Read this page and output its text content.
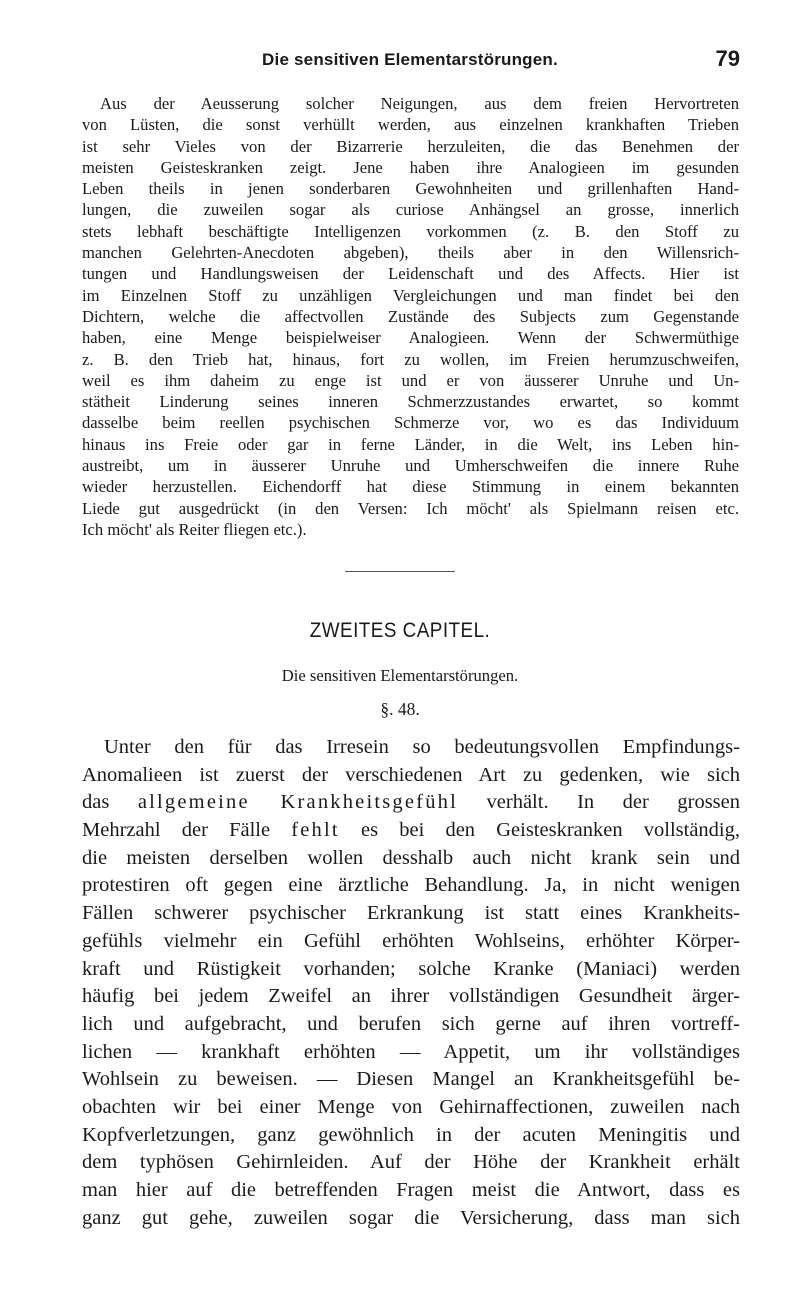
Die sensitiven Elementarstörungen.	79
Aus der Aeusserung solcher Neigungen, aus dem freien Hervortreten
von Lüsten, die sonst verhüllt werden, aus einzelnen krankhaften Trieben
ist sehr Vieles von der Bizarrerie herzuleiten, die das Benehmen der
meisten Geisteskranken zeigt. Jene haben ihre Analogieen im gesunden
Leben theils in jenen sonderbaren Gewohnheiten und grillenhaften Hand-
lungen, die zuweilen sogar als curiose Anhängsel an grosse, innerlich
stets lebhaft beschäftigte Intelligenzen vorkommen (z. B. den Stoff zu
manchen Gelehrten-Anecdoten abgeben), theils aber in den Willensrich-
tungen und Handlungsweisen der Leidenschaft und des Affects. Hier ist
im Einzelnen Stoff zu unzähligen Vergleichungen und man findet bei den
Dichtern, welche die affectvollen Zustände des Subjects zum Gegenstande
haben, eine Menge beispielweiser Analogieen. Wenn der Schwermüthige
z. B. den Trieb hat, hinaus, fort zu wollen, im Freien herumzuschweifen,
weil es ihm daheim zu enge ist und er von äusserer Unruhe und Un-
stätheit Linderung seines inneren Schmerzzustandes erwartet, so kommt
dasselbe beim reellen psychischen Schmerze vor, wo es das Individuum
hinaus ins Freie oder gar in ferne Länder, in die Welt, ins Leben hin-
austreibt, um in äusserer Unruhe und Umherschweifen die innere Ruhe
wieder herzustellen. Eichendorff hat diese Stimmung in einem bekannten
Liede gut ausgedrückt (in den Versen: Ich möcht' als Spielmann reisen etc.
Ich möcht' als Reiter fliegen etc.).
ZWEITES CAPITEL.
Die sensitiven Elementarstörungen.
§. 48.
Unter den für das Irresein so bedeutungsvollen Empfindungs-
Anomalieen ist zuerst der verschiedenen Art zu gedenken, wie sich
das allgemeine Krankheitsgefühl verhält. In der grossen
Mehrzahl der Fälle fehlt es bei den Geisteskranken vollständig,
die meisten derselben wollen desshalb auch nicht krank sein und
protestiren oft gegen eine ärztliche Behandlung. Ja, in nicht wenigen
Fällen schwerer psychischer Erkrankung ist statt eines Krankheits-
gefühls vielmehr ein Gefühl erhöhten Wohlseins, erhöhter Körper-
kraft und Rüstigkeit vorhanden; solche Kranke (Maniaci) werden
häufig bei jedem Zweifel an ihrer vollständigen Gesundheit ärger-
lich und aufgebracht, und berufen sich gerne auf ihren vortreff-
lichen — krankhaft erhöhten — Appetit, um ihr vollständiges
Wohlsein zu beweisen. — Diesen Mangel an Krankheitsgefühl be-
obachten wir bei einer Menge von Gehirnaffectionen, zuweilen nach
Kopfverletzungen, ganz gewöhnlich in der acuten Meningitis und
dem typhösen Gehirnleiden. Auf der Höhe der Krankheit erhält
man hier auf die betreffenden Fragen meist die Antwort, dass es
ganz gut gehe, zuweilen sogar die Versicherung, dass man sich
